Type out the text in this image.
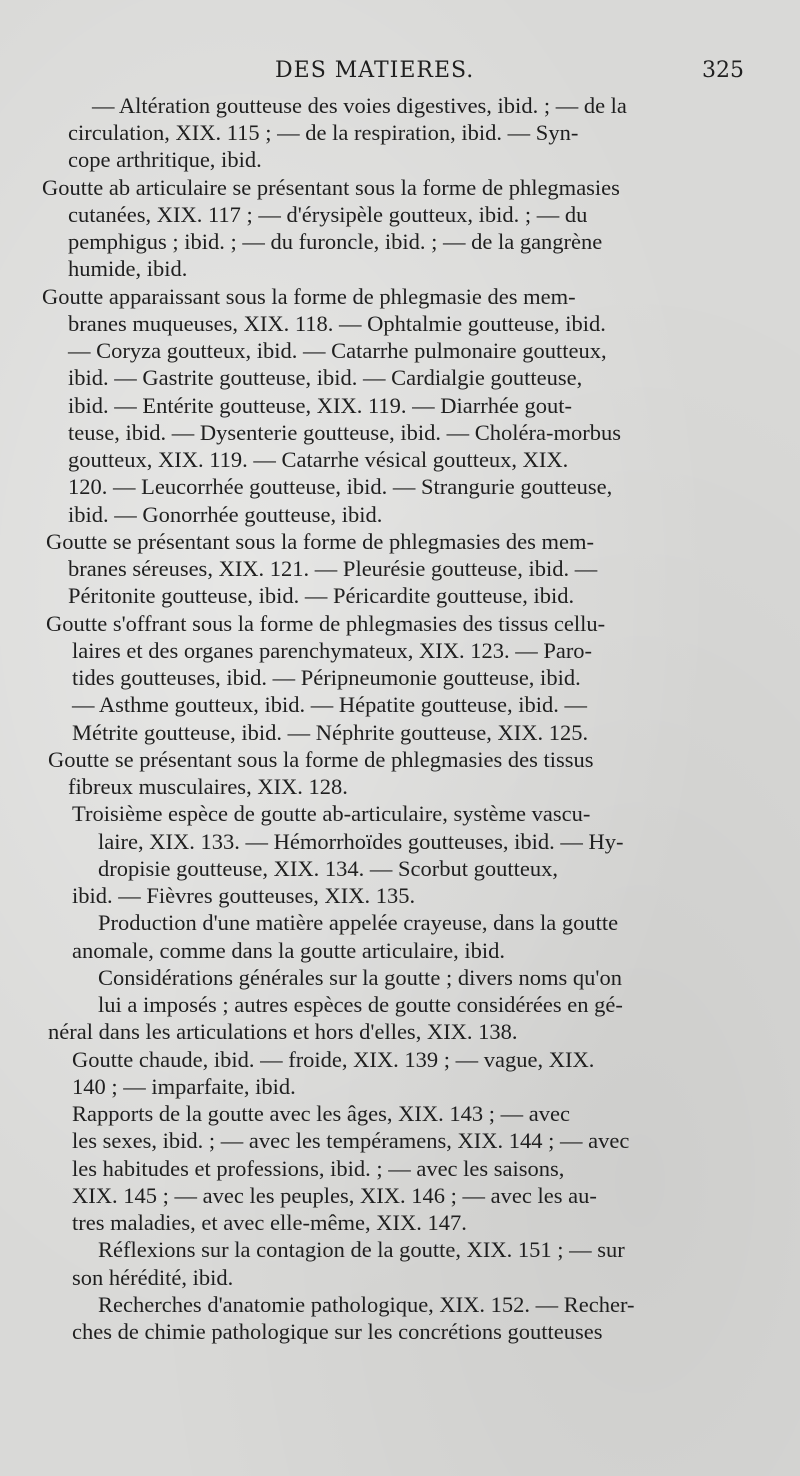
DES MATIERES.	325
— Altération goutteuse des voies digestives, ibid. ; — de la
circulation, XIX. 115 ; — de la respiration, ibid. — Syn-
cope arthritique, ibid.
Goutte ab articulaire se présentant sous la forme de phlegmasies
cutanées, XIX. 117 ; — d'érysipèle goutteux, ibid. ; — du
pemphigus ; ibid. ; — du furoncle, ibid. ; — de la gangrène
humide, ibid.
Goutte apparaissant sous la forme de phlegmasie des mem-
branes muqueuses, XIX. 118. — Ophtalmie goutteuse, ibid.
— Coryza goutteux, ibid. — Catarrhe pulmonaire goutteux,
ibid. — Gastrite goutteuse, ibid. — Cardialgie goutteuse,
ibid. — Entérite goutteuse, XIX. 119. — Diarrhée gout-
teuse, ibid. — Dysenterie goutteuse, ibid. — Choléra-morbus
goutteux, XIX. 119. — Catarrhe vésical goutteux, XIX.
120. — Leucorrhée goutteuse, ibid. — Strangurie goutteuse,
ibid. — Gonorrhée goutteuse, ibid.
Goutte se présentant sous la forme de phlegmasies des mem-
branes séreuses, XIX. 121. — Pleurésie goutteuse, ibid. —
Péritonite goutteuse, ibid. — Péricardite goutteuse, ibid.
Goutte s'offrant sous la forme de phlegmasies des tissus cellu-
laires et des organes parenchymateux, XIX. 123. — Paro-
tides goutteuses, ibid. — Péripneumonie goutteuse, ibid.
— Asthme goutteux, ibid. — Hépatite goutteuse, ibid. —
Métrite goutteuse, ibid. — Néphrite goutteuse, XIX. 125.
Goutte se présentant sous la forme de phlegmasies des tissus
fibreux musculaires, XIX. 128.
Troisième espèce de goutte ab-articulaire, système vascu-
laire, XIX. 133. — Hémorrhoïdes goutteuses, ibid. — Hy-
dropisie goutteuse, XIX. 134. — Scorbut goutteux,
ibid. — Fièvres goutteuses, XIX. 135.
Production d'une matière appelée crayeuse, dans la goutte
anomale, comme dans la goutte articulaire, ibid.
Considérations générales sur la goutte ; divers noms qu'on
lui a imposés ; autres espèces de goutte considérées en gé-
néral dans les articulations et hors d'elles, XIX. 138.
Goutte chaude, ibid. — froide, XIX. 139 ; — vague, XIX.
140 ; — imparfaite, ibid.
Rapports de la goutte avec les âges, XIX. 143 ; — avec
les sexes, ibid. ; — avec les tempéramens, XIX. 144 ; — avec
les habitudes et professions, ibid. ; — avec les saisons,
XIX. 145 ; — avec les peuples, XIX. 146 ; — avec les au-
tres maladies, et avec elle-même, XIX. 147.
Réflexions sur la contagion de la goutte, XIX. 151 ; — sur
son hérédité, ibid.
Recherches d'anatomie pathologique, XIX. 152. — Recher-
ches de chimie pathologique sur les concrétions goutteuses
